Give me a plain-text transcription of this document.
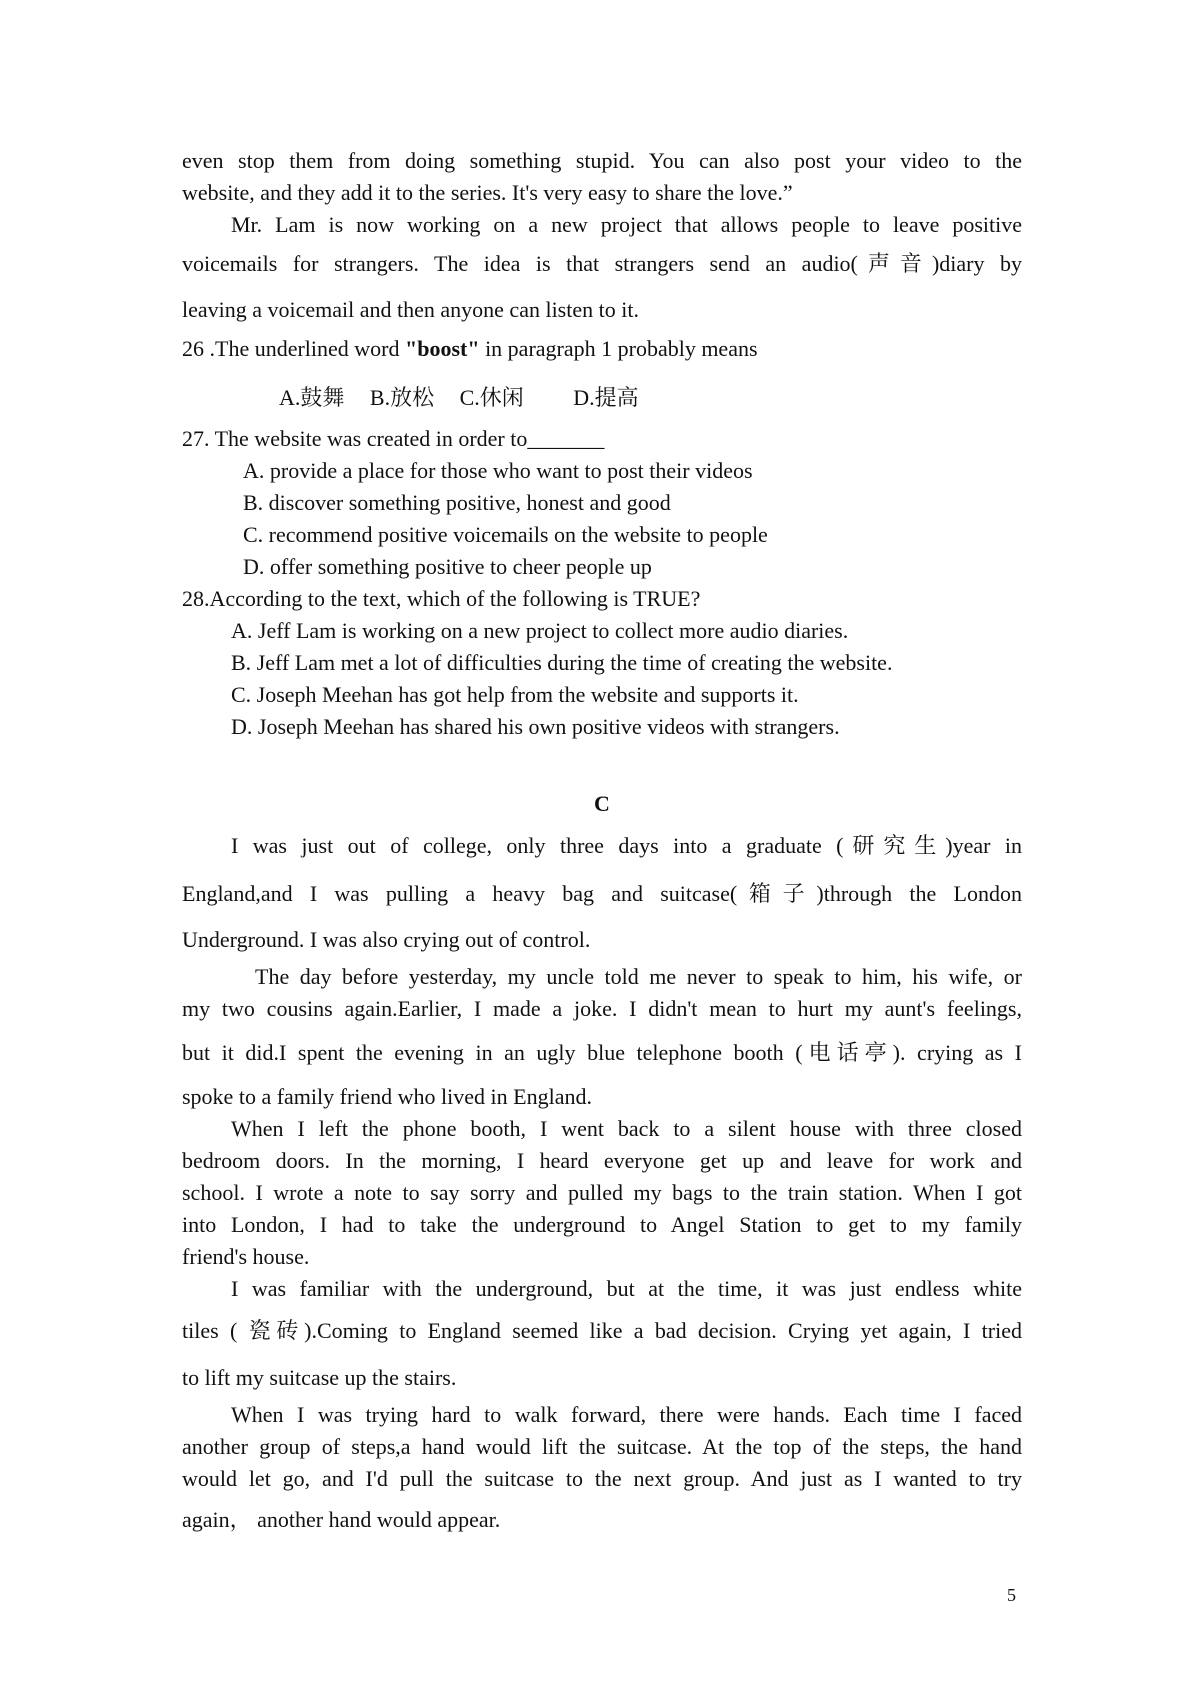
even stop them from doing something stupid. You can also post your video to the

website, and they add it to the series. It's very easy to share the love.”

Mr. Lam is now working on a new project that allows people to leave positive

voicemails for strangers. The idea is that strangers send an audio(声音)diary by

leaving a voicemail and then anyone can listen to it.

26 .The underlined word "boost" in paragraph 1 probably means

A.鼓舞 B.放松 C.休闲 D.提高

27. The website was created in order to_______

A. provide a place for those who want to post their videos

B. discover something positive, honest and good

C. recommend positive voicemails on the website to people

D. offer something positive to cheer people up

28.According to the text, which of the following is TRUE?

A. Jeff Lam is working on a new project to collect more audio diaries.

B. Jeff Lam met a lot of difficulties during the time of creating the website.

C. Joseph Meehan has got help from the website and supports it.

D. Joseph Meehan has shared his own positive videos with strangers.

C

I was just out of college, only three days into a graduate (研究生)year in

England,and I was pulling a heavy bag and suitcase(箱子)through the London

Underground. I was also crying out of control.

The day before yesterday, my uncle told me never to speak to him, his wife, or

my two cousins again.Earlier, I made a joke. I didn't mean to hurt my aunt's feelings,

but it did.I spent the evening in an ugly blue telephone booth (电话亭). crying as I

spoke to a family friend who lived in England.

When I left the phone booth, I went back to a silent house with three closed

bedroom doors. In the morning, I heard everyone get up and leave for work and

school. I wrote a note to say sorry and pulled my bags to the train station. When I got

into London, I had to take the underground to Angel Station to get to my family

friend's house.

I was familiar with the underground, but at the time, it was just endless white

tiles ( 瓷砖).Coming to England seemed like a bad decision. Crying yet again, I tried

to lift my suitcase up the stairs.

When I was trying hard to walk forward, there were hands. Each time I faced

another group of steps,a hand would lift the suitcase. At the top of the steps, the hand

would let go, and I'd pull the suitcase to the next group. And just as I wanted to try

again， another hand would appear.

5
